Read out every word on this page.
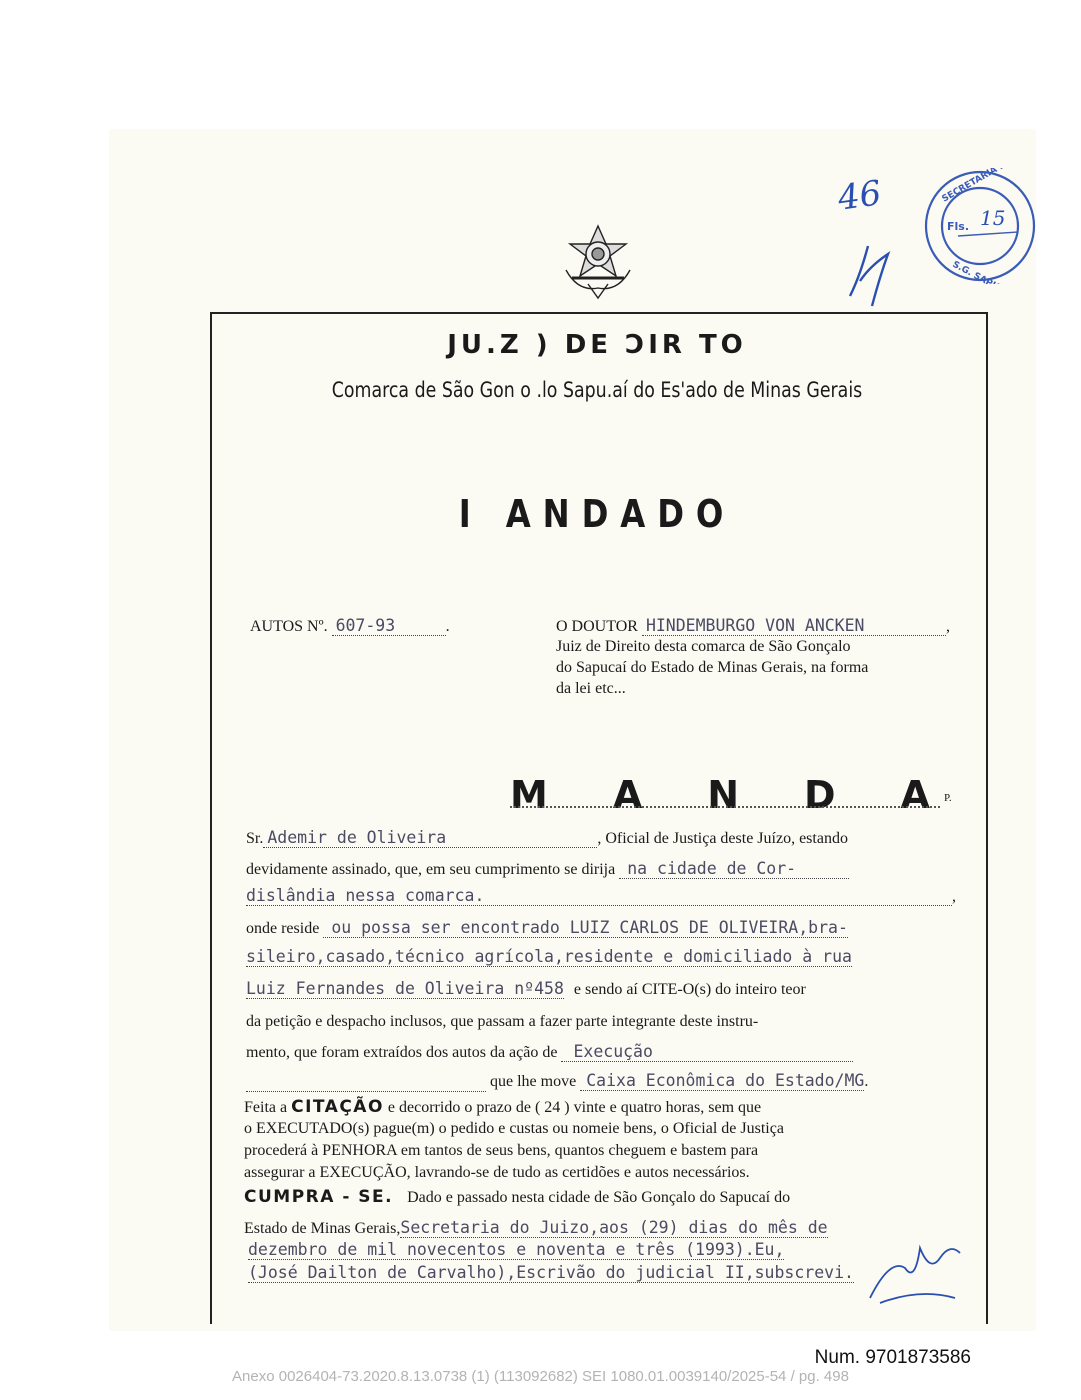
JU.Z ) DE ƆIR TO
Comarca de São Gon o .lo Sapu.aí do Es'ado de Minas Gerais
I ANDADO
AUTOS Nº. 607-93	.	O DOUTOR HINDEMBURGO VON ANCKEN	,
Juiz de Direito desta comarca de São Gonçalo
do Sapucaí do Estado de Minas Gerais, na forma
da lei etc...
M A N D A P.
Sr. Ademir de Oliveira	, Oficial de Justiça deste Juízo, estando
devidamente assinado, que, em seu cumprimento se dirija na cidade de Cor-
dislândia nessa comarca.	,
onde reside ou possa ser encontrado LUIZ CARLOS DE OLIVEIRA,bra-
sileiro,casado,técnico agrícola,residente e domiciliado à rua
Luiz Fernandes de Oliveira nº458 e sendo aí CITE-O(s) do inteiro teor
da petição e despacho inclusos, que passam a fazer parte integrante deste instru-
mento, que foram extraídos dos autos da ação de Execução
que lhe move Caixa Econômica do Estado/MG.
Feita a CITAÇÃO e decorrido o prazo de ( 24 ) vinte e quatro horas, sem que
o EXECUTADO(s) pague(m) o pedido e custas ou nomeie bens, o Oficial de Justiça
procederá à PENHORA em tantos de seus bens, quantos cheguem e bastem para
assegurar a EXECUÇÃO, lavrando-se de tudo as certidões e autos necessários.
CUMPRA - SE. Dado e passado nesta cidade de São Gonçalo do Sapucaí do
Estado de Minas Gerais,Secretaria do Juizo,aos (29) dias do mês de
dezembro de mil novecentos e noventa e três (1993).Eu,
(José Dailton de Carvalho),Escrivão do judicial II,subscrevi.
SECRETARIA DO
S.G. SAPUCAI
Fls. 15
46
Num. 9701873586
Anexo 0026404-73.2020.8.13.0738 (1) (113092682) SEI 1080.01.0039140/2025-54 / pg. 498
